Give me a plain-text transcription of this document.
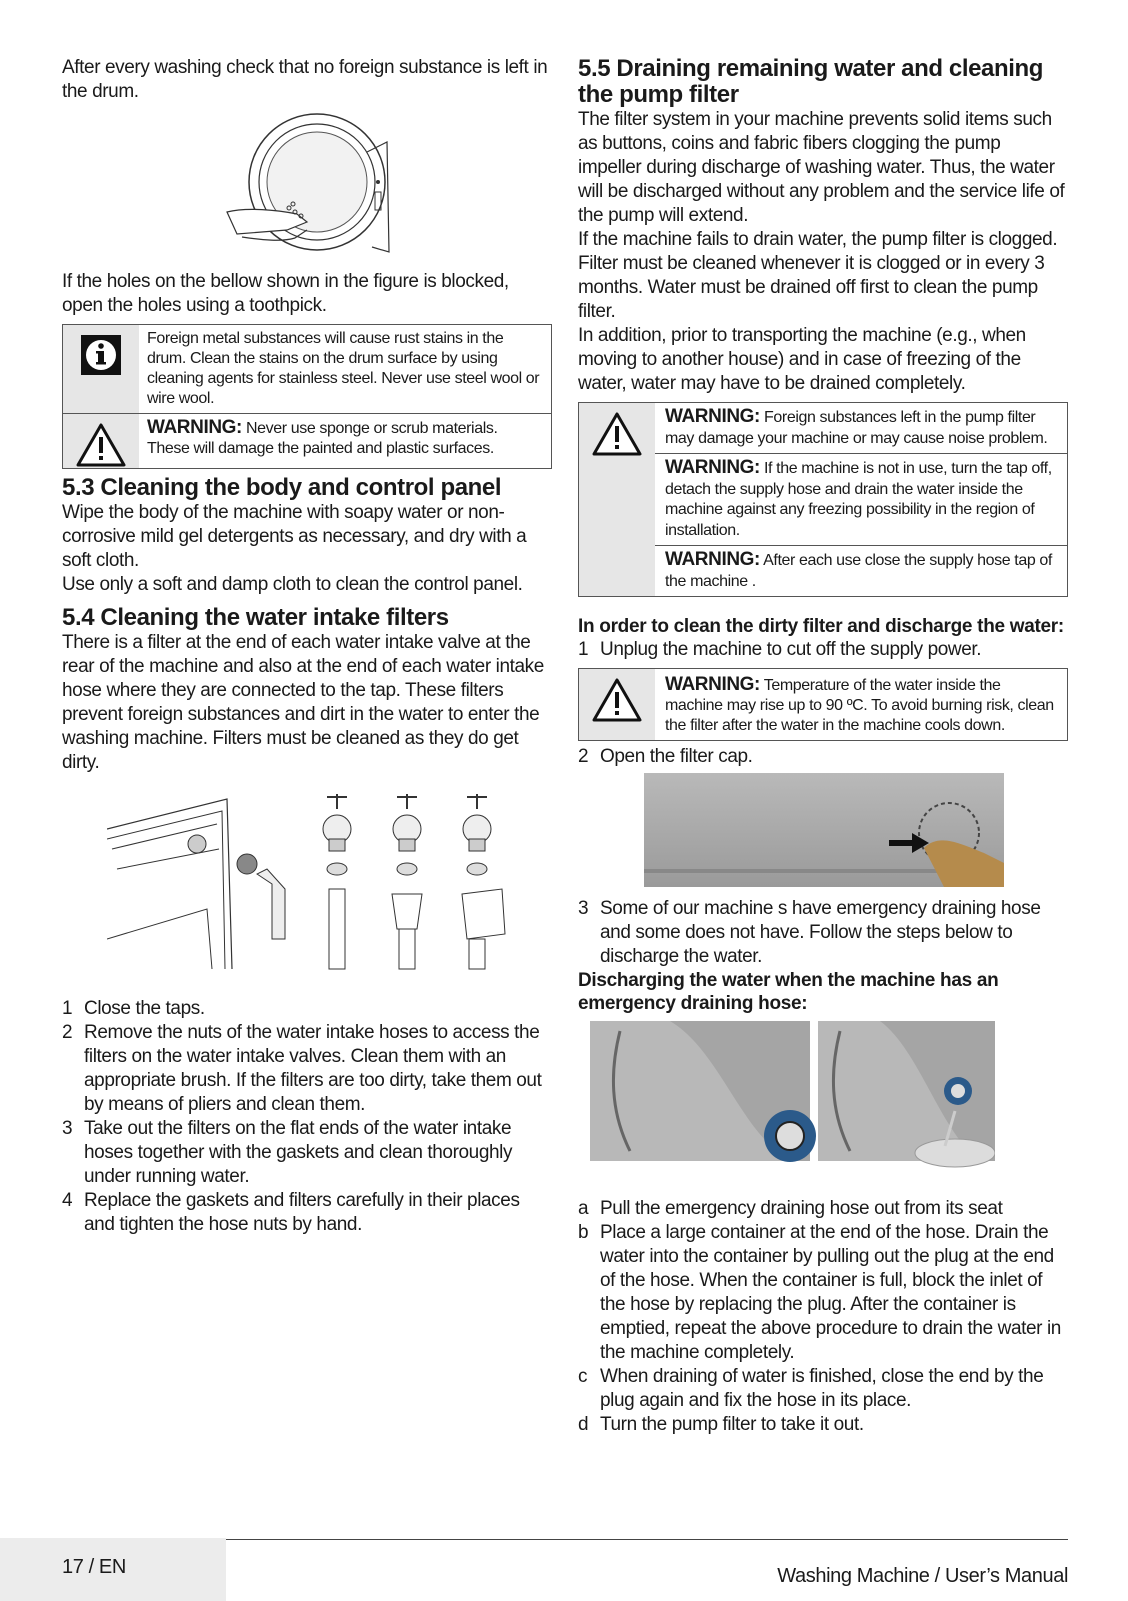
After every washing check that no foreign substance is left in the drum.

If the holes on the bellow shown in the figure is blocked, open the holes using a toothpick.

Foreign metal substances will cause rust stains in the drum. Clean the stains on the drum surface by using cleaning agents for stainless steel. Never use steel wool or wire wool.
WARNING: Never use sponge or scrub materials. These will damage the painted and plastic surfaces.
5.3 Cleaning the body and control panel

Wipe the body of the machine with soapy water or non-corrosive mild gel detergents as necessary, and dry with a soft cloth.

Use only a soft and damp cloth to clean the control panel.

5.4 Cleaning the water intake filters

There is a filter at the end of each water intake valve at the rear of the machine and also at the end of each water intake hose where they are connected to the tap. These filters prevent foreign substances and dirt in the water to enter the washing machine. Filters must be cleaned as they do get dirty.

1 Close the taps.
2 Remove the nuts of the water intake hoses to access the filters on the water intake valves. Clean them with an appropriate brush. If the filters are too dirty, take them out by means of pliers and clean them.
3 Take out the filters on the flat ends of the water intake hoses together with the gaskets and clean thoroughly under running water.
4 Replace the gaskets and filters carefully in their places and tighten the hose nuts by hand.
5.5 Draining remaining water and cleaning the pump filter

The filter system in your machine prevents solid items such as buttons, coins and fabric fibers clogging the pump impeller during discharge of washing water. Thus, the water will be discharged without any problem and the service life of the pump will extend.

If the machine fails to drain water, the pump filter is clogged. Filter must be cleaned whenever it is clogged or in every 3 months. Water must be drained off first to clean the pump filter.

In addition, prior to transporting the machine (e.g., when moving to another house) and in case of freezing of the water, water may have to be drained completely.

WARNING: Foreign substances left in the pump filter may damage your machine or may cause noise problem.
WARNING: If the machine is not in use, turn the tap off, detach the supply hose and drain the water inside the machine against any freezing possibility in the region of installation.
WARNING: After each use close the supply hose tap of the machine .
In order to clean the dirty filter and discharge the water:
1 Unplug the machine to cut off the supply power.
WARNING: Temperature of the water inside the machine may rise up to 90 ºC. To avoid burning risk, clean the filter after the water in the machine cools down.
2 Open the filter cap.
3 Some of our machine s have emergency draining hose and some does not have. Follow the steps below to discharge the water.
Discharging the water when the machine has an emergency draining hose:
a Pull the emergency draining hose out from its seat
b Place a large container at the end of the hose. Drain the water into the container by pulling out the plug at the end of the hose. When the container is full, block the inlet of the hose by replacing the plug. After the container is emptied, repeat the above procedure to drain the water in the machine completely.
c When draining of water is finished, close the end by the plug again and fix the hose in its place.
d Turn the pump filter to take it out.
17 / EN	Washing Machine / User’s Manual
